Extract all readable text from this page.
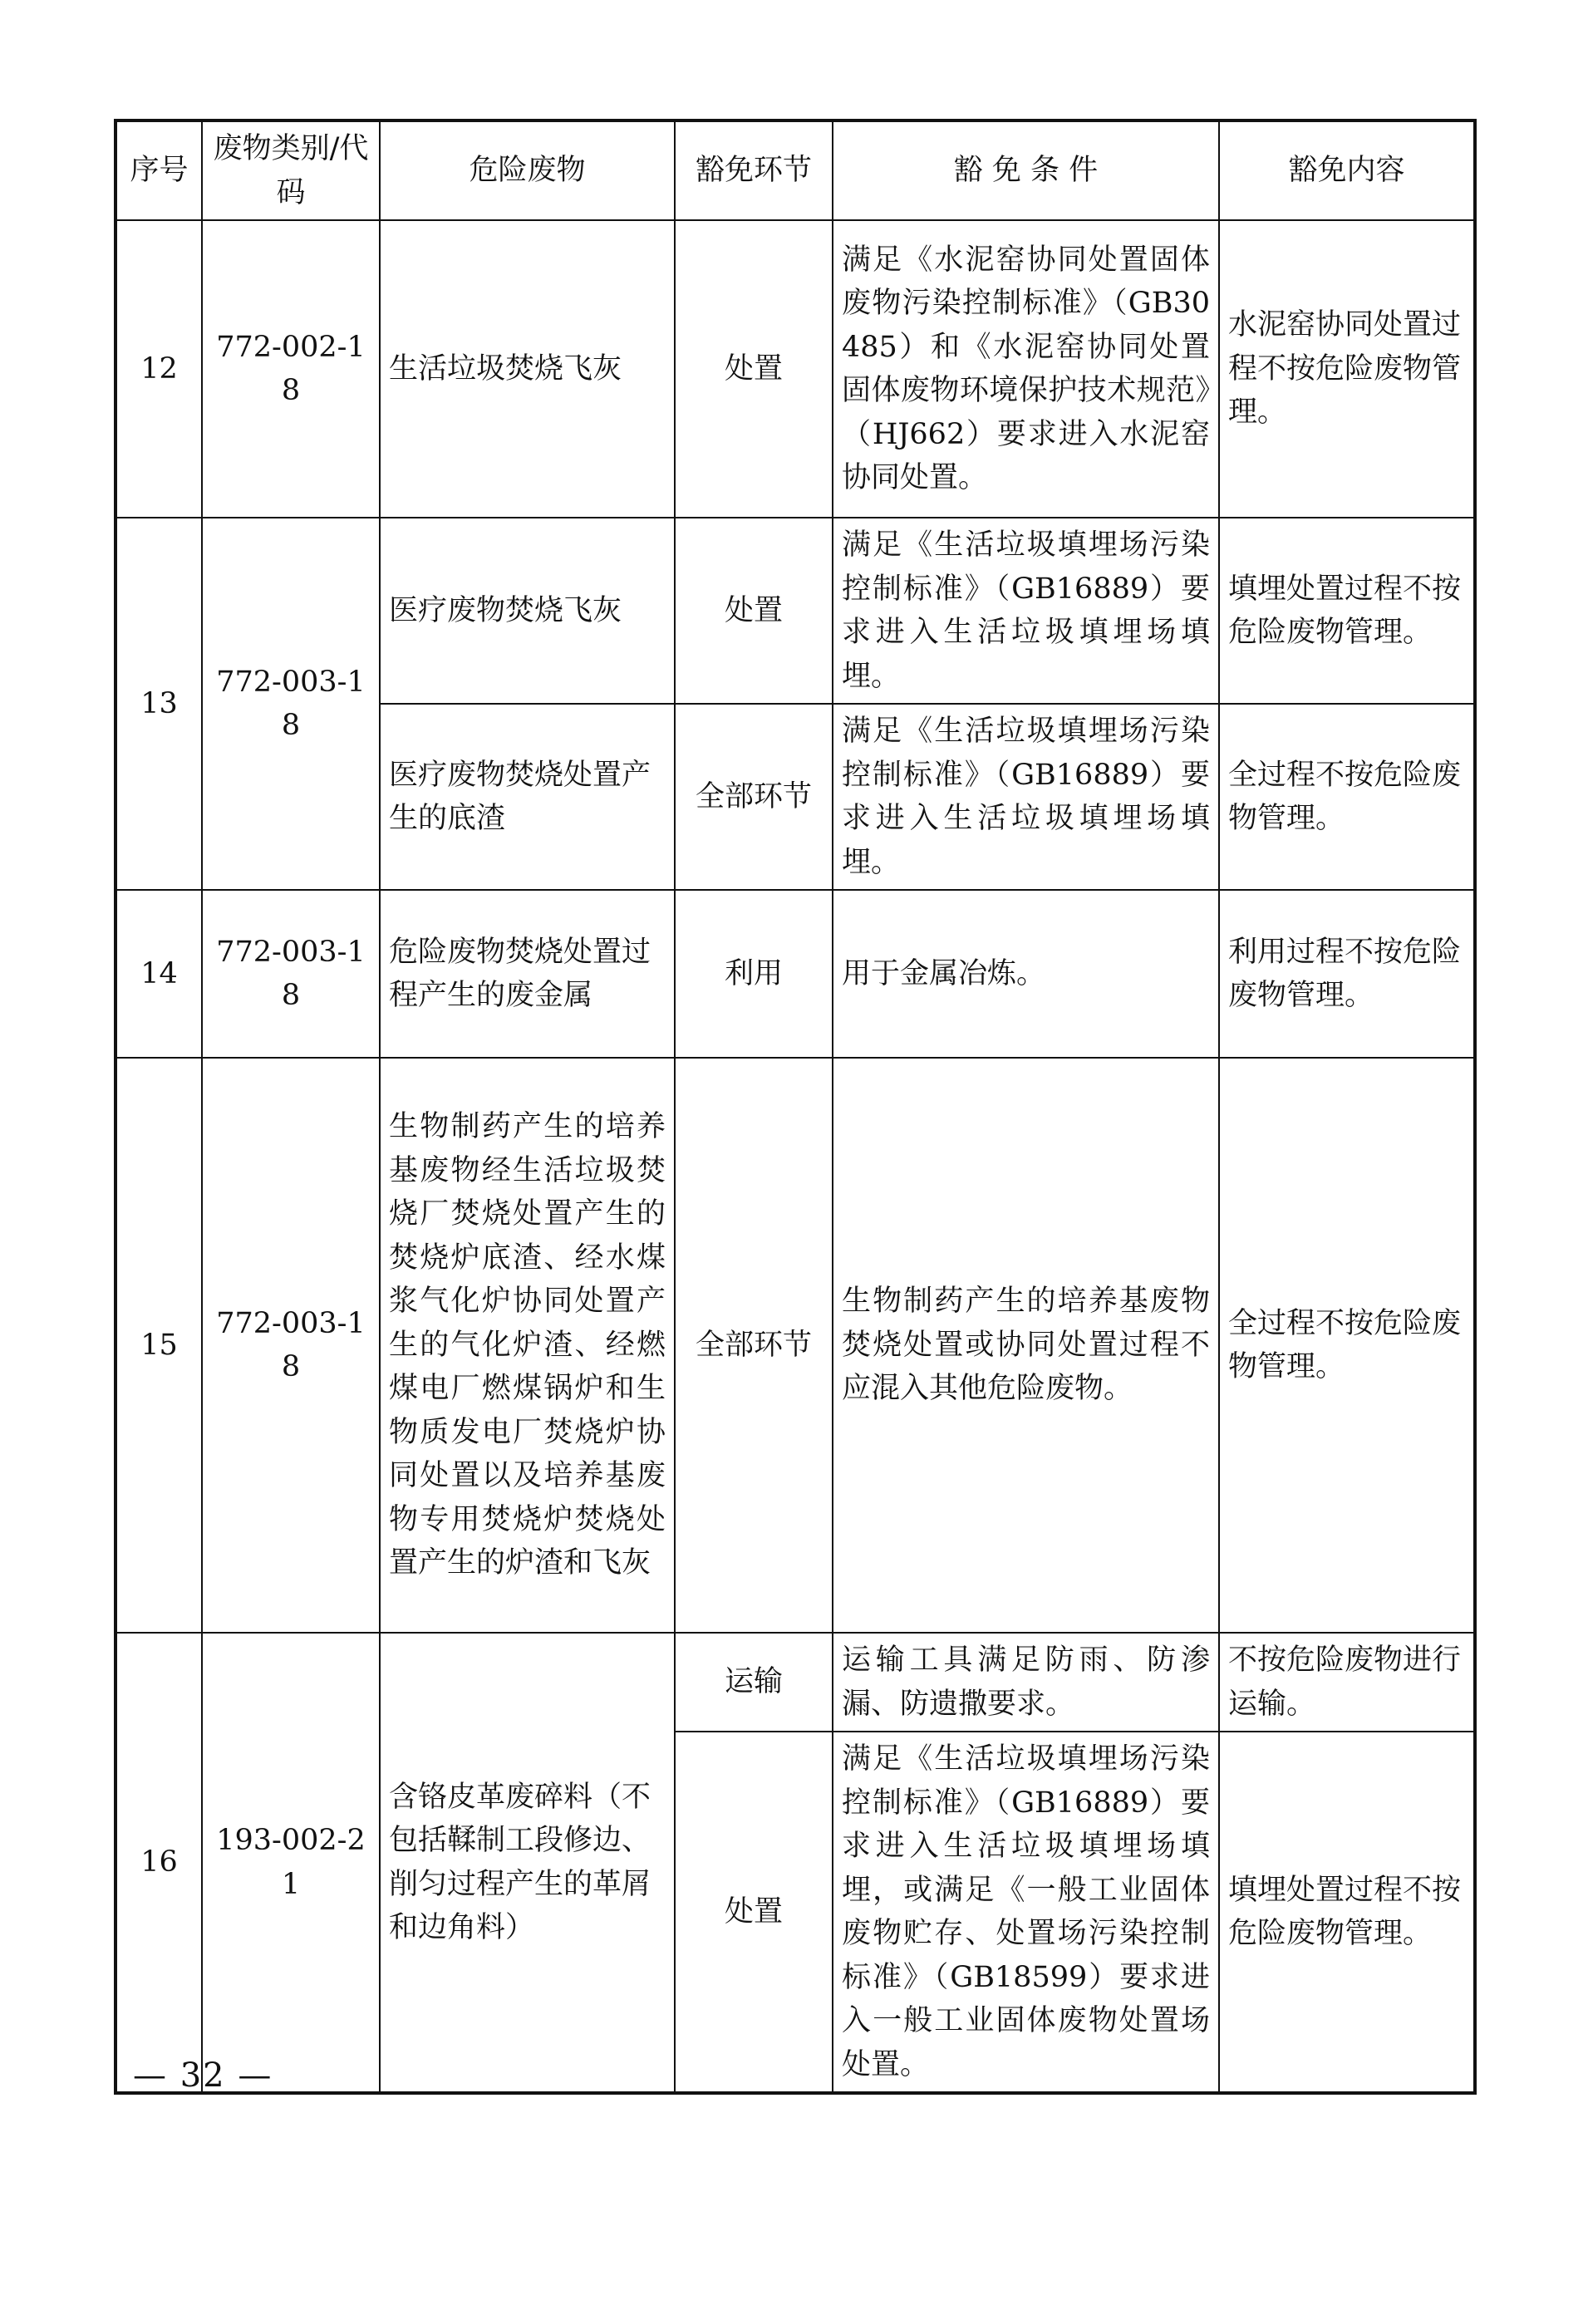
序号	废物类别/代码	危险废物	豁免环节	豁 免 条 件	豁免内容
12	772-002-18	生活垃圾焚烧飞灰	处置	满足《水泥窑协同处置固体废物污染控制标准》（GB30485）和《水泥窑协同处置固体废物环境保护技术规范》（HJ662）要求进入水泥窑协同处置。	水泥窑协同处置过程不按危险废物管理。
13	772-003-18	医疗废物焚烧飞灰	处置	满足《生活垃圾填埋场污染控制标准》（GB16889）要求进入生活垃圾填埋场填埋。	填埋处置过程不按危险废物管理。
		医疗废物焚烧处置产生的底渣	全部环节	满足《生活垃圾填埋场污染控制标准》（GB16889）要求进入生活垃圾填埋场填埋。	全过程不按危险废物管理。
14	772-003-18	危险废物焚烧处置过程产生的废金属	利用	用于金属冶炼。	利用过程不按危险废物管理。
15	772-003-18	生物制药产生的培养基废物经生活垃圾焚烧厂焚烧处置产生的焚烧炉底渣、经水煤浆气化炉协同处置产生的气化炉渣、经燃煤电厂燃煤锅炉和生物质发电厂焚烧炉协同处置以及培养基废物专用焚烧炉焚烧处置产生的炉渣和飞灰	全部环节	生物制药产生的培养基废物焚烧处置或协同处置过程不应混入其他危险废物。	全过程不按危险废物管理。
16	193-002-21	含铬皮革废碎料（不包括鞣制工段修边、削匀过程产生的革屑和边角料）	运输	运输工具满足防雨、防渗漏、防遗撒要求。	不按危险废物进行运输。
			处置	满足《生活垃圾填埋场污染控制标准》（GB16889）要求进入生活垃圾填埋场填埋，或满足《一般工业固体废物贮存、处置场污染控制标准》（GB18599）要求进入一般工业固体废物处置场处置。	填埋处置过程不按危险废物管理。
— 32 —
